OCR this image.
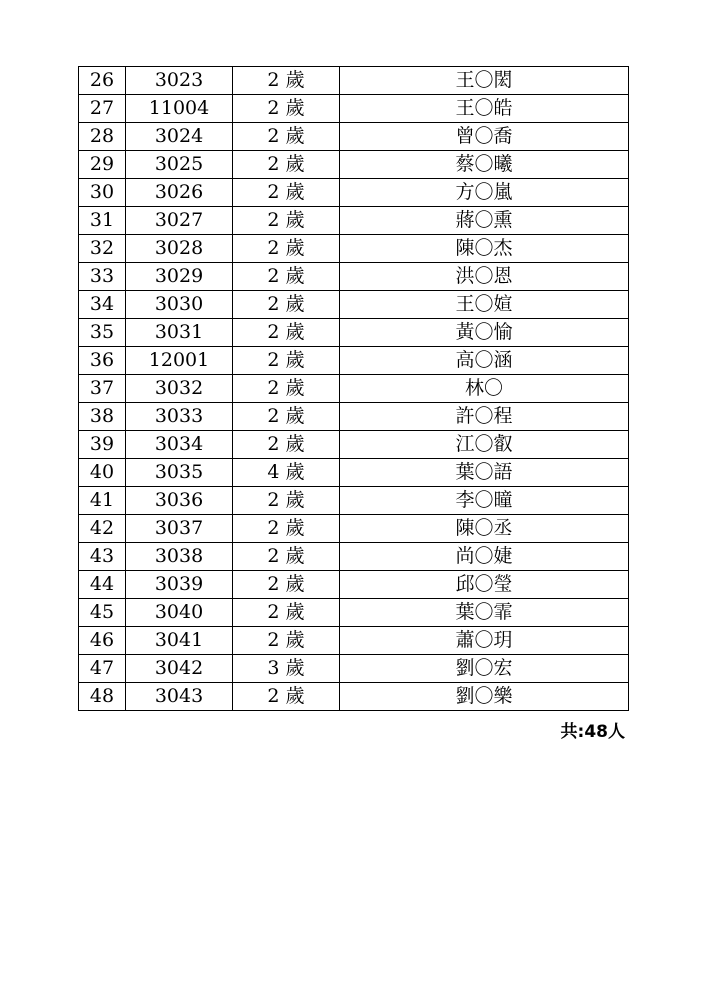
26	3023	2 歲	王〇閎
27	11004	2 歲	王〇皓
28	3024	2 歲	曾〇喬
29	3025	2 歲	蔡〇曦
30	3026	2 歲	方〇嵐
31	3027	2 歲	蔣〇熏
32	3028	2 歲	陳〇杰
33	3029	2 歲	洪〇恩
34	3030	2 歲	王〇媗
35	3031	2 歲	黃〇愉
36	12001	2 歲	高〇涵
37	3032	2 歲	林〇
38	3033	2 歲	許〇程
39	3034	2 歲	江〇叡
40	3035	4 歲	葉〇語
41	3036	2 歲	李〇曈
42	3037	2 歲	陳〇丞
43	3038	2 歲	尚〇婕
44	3039	2 歲	邱〇瑩
45	3040	2 歲	葉〇霏
46	3041	2 歲	蕭〇玥
47	3042	3 歲	劉〇宏
48	3043	2 歲	劉〇樂
共:48人
